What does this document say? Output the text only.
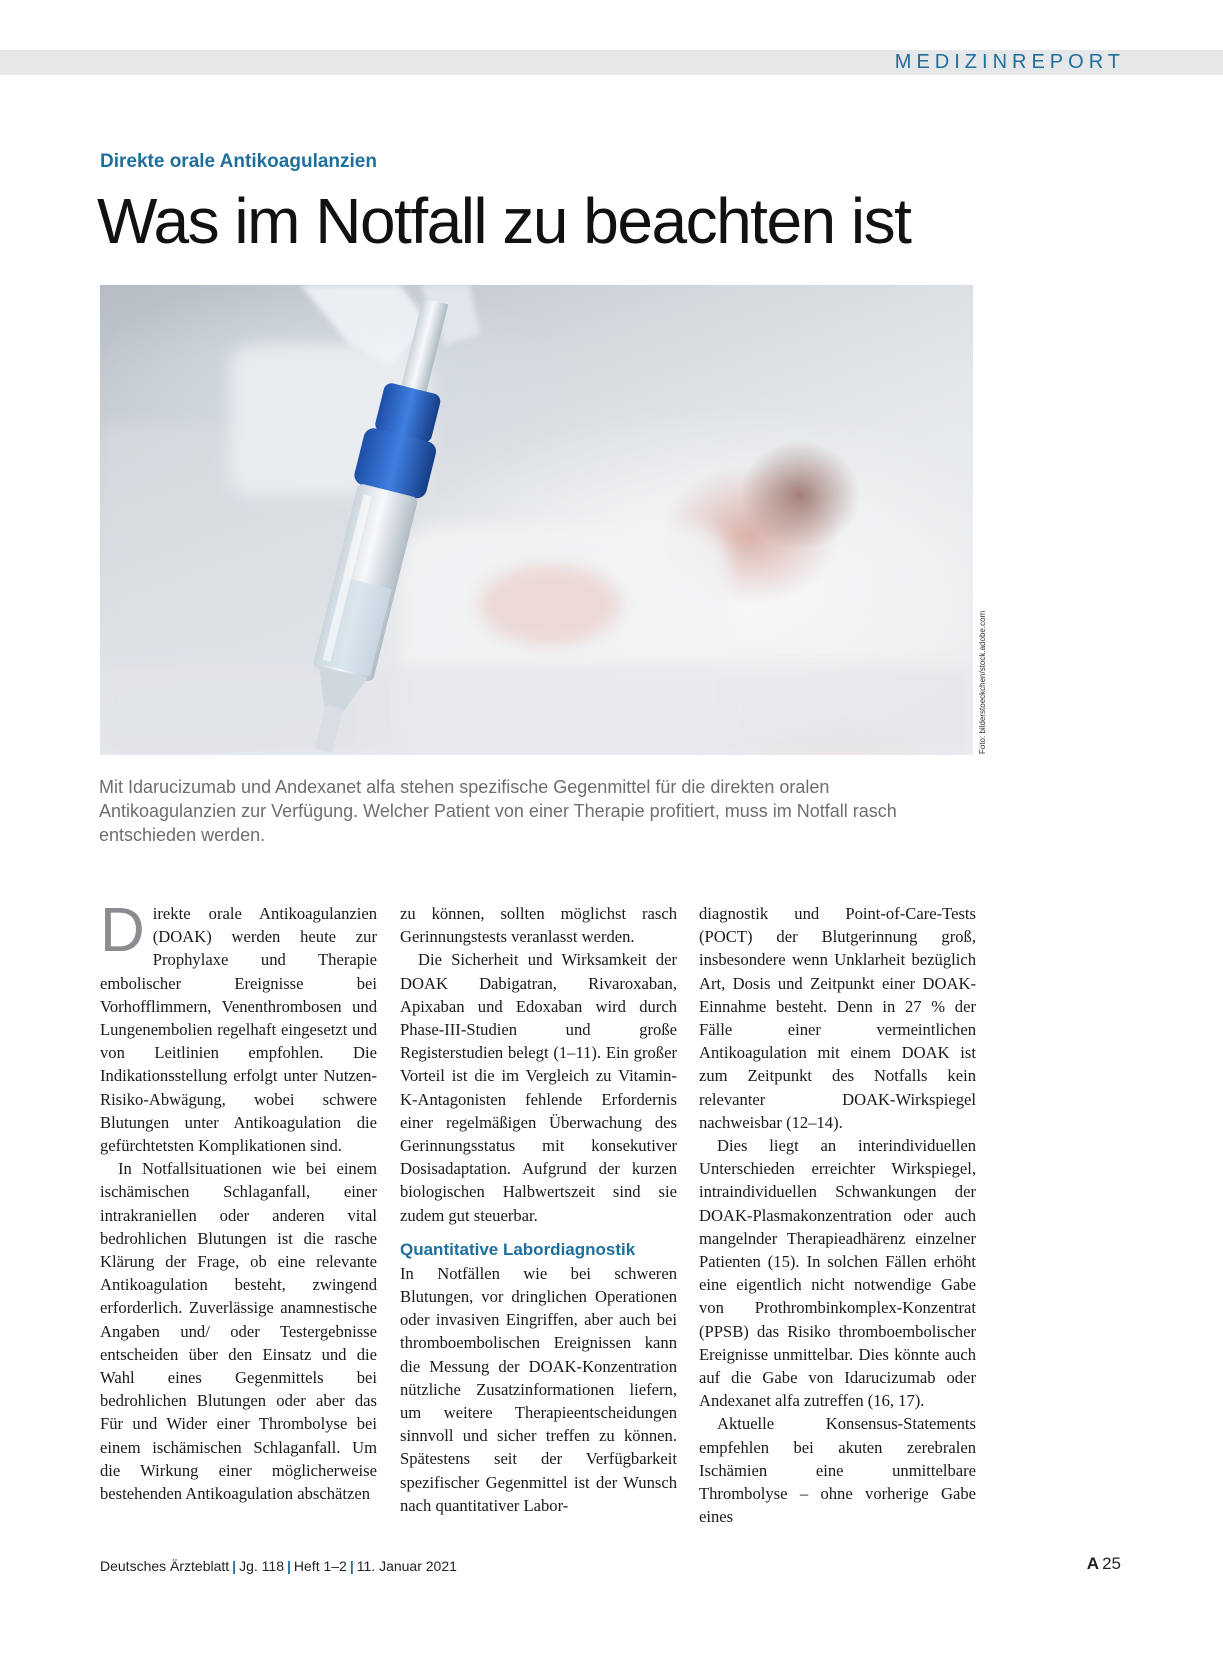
MEDIZINREPORT
Direkte orale Antikoagulanzien
Was im Notfall zu beachten ist
Foto: bilderstoeckchen/stock.adobe.com

Mit Idarucizumab und Andexanet alfa stehen spezifische Gegenmittel für die direkten oralen Antikoagulanzien zur Verfügung. Welcher Patient von einer Therapie profitiert, muss im Notfall rasch entschieden werden.

D irekte orale Antikoagulanzien (DOAK) werden heute zur Prophylaxe und Therapie embolischer Ereignisse bei Vorhofflimmern, Venenthrombosen und Lungenembolien regelhaft eingesetzt und von Leitlinien empfohlen. Die Indikationsstellung erfolgt unter Nutzen-Risiko-Abwägung, wobei schwere Blutungen unter Antikoagulation die gefürchtetsten Komplikationen sind.

In Notfallsituationen wie bei einem ischämischen Schlaganfall, einer intrakraniellen oder anderen vital bedrohlichen Blutungen ist die rasche Klärung der Frage, ob eine relevante Antikoagulation besteht, zwingend erforderlich. Zuverlässige anamnestische Angaben und/ oder Testergebnisse entscheiden über den Einsatz und die Wahl eines Gegenmittels bei bedrohlichen Blutungen oder aber das Für und Wider einer Thrombolyse bei einem ischämischen Schlaganfall. Um die Wirkung einer möglicherweise bestehenden Antikoagulation abschätzen

zu können, sollten möglichst rasch Gerinnungstests veranlasst werden.

Die Sicherheit und Wirksamkeit der DOAK Dabigatran, Rivaroxaban, Apixaban und Edoxaban wird durch Phase-III-Studien und große Registerstudien belegt (1–11). Ein großer Vorteil ist die im Vergleich zu Vitamin-K-Antagonisten fehlende Erfordernis einer regelmäßigen Überwachung des Gerinnungsstatus mit konsekutiver Dosisadaptation. Aufgrund der kurzen biologischen Halbwertszeit sind sie zudem gut steuerbar.

Quantitative Labordiagnostik

In Notfällen wie bei schweren Blutungen, vor dringlichen Operationen oder invasiven Eingriffen, aber auch bei thromboembolischen Ereignissen kann die Messung der DOAK-Konzentration nützliche Zusatzinformationen liefern, um weitere Therapieentscheidungen sinnvoll und sicher treffen zu können. Spätestens seit der Verfügbarkeit spezifischer Gegenmittel ist der Wunsch nach quantitativer Labor-

diagnostik und Point-of-Care-Tests (POCT) der Blutgerinnung groß, insbesondere wenn Unklarheit bezüglich Art, Dosis und Zeitpunkt einer DOAK-Einnahme besteht. Denn in 27 % der Fälle einer vermeintlichen Antikoagulation mit einem DOAK ist zum Zeitpunkt des Notfalls kein relevanter DOAK-Wirkspiegel nachweisbar (12–14).

Dies liegt an interindividuellen Unterschieden erreichter Wirkspiegel, intraindividuellen Schwankungen der DOAK-Plasmakonzentration oder auch mangelnder Therapieadhärenz einzelner Patienten (15). In solchen Fällen erhöht eine eigentlich nicht notwendige Gabe von Prothrombinkomplex-Konzentrat (PPSB) das Risiko thromboembolischer Ereignisse unmittelbar. Dies könnte auch auf die Gabe von Idarucizumab oder Andexanet alfa zutreffen (16, 17).

Aktuelle Konsensus-Statements empfehlen bei akuten zerebralen Ischämien eine unmittelbare Thrombolyse – ohne vorherige Gabe eines

Deutsches Ärzteblatt | Jg. 118 | Heft 1–2 | 11. Januar 2021	A 25
